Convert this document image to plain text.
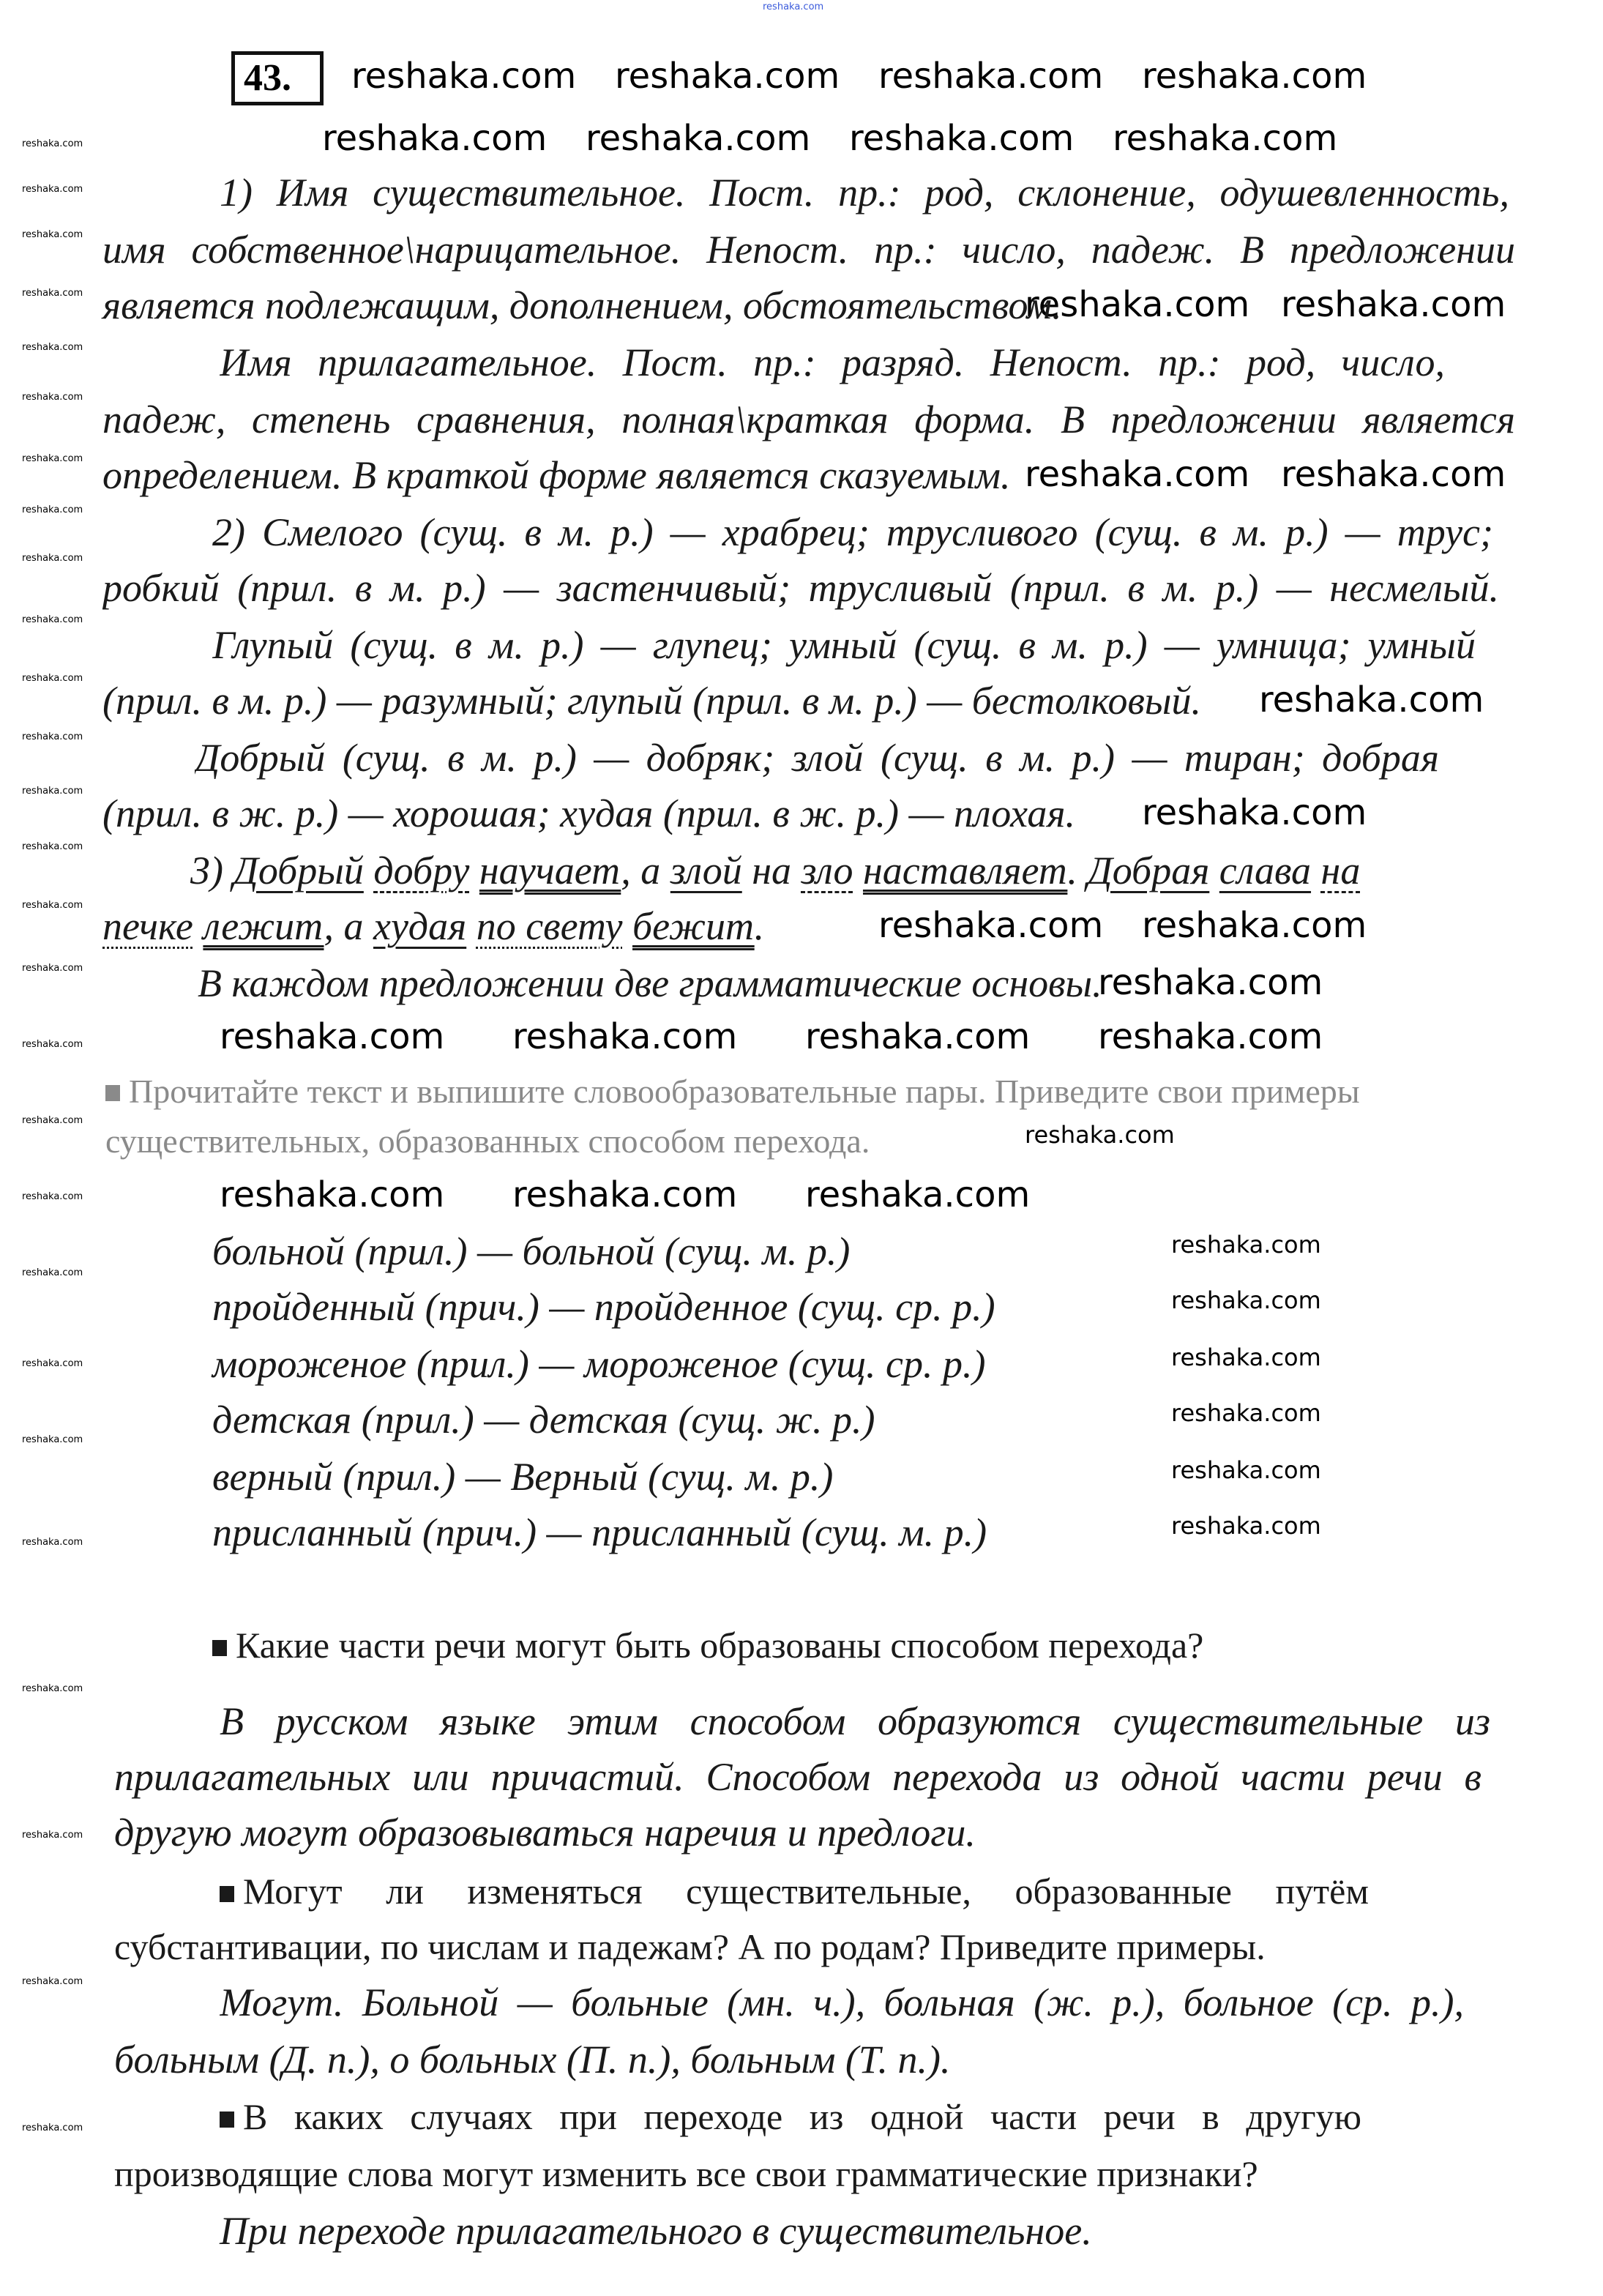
reshaka.com
43.	reshaka.com reshaka.com reshaka.com reshaka.com
reshaka.com reshaka.com reshaka.com reshaka.com
reshaka.com reshaka.com
reshaka.com reshaka.com
reshaka.com
reshaka.com
reshaka.com reshaka.com
reshaka.com
reshaka.com reshaka.com reshaka.com reshaka.com
reshaka.com reshaka.com reshaka.com
reshaka.com
reshaka.com
reshaka.com
reshaka.com
reshaka.com
reshaka.com
reshaka.com
reshaka.com
reshaka.com
reshaka.com
reshaka.com
reshaka.com
reshaka.com
reshaka.com
reshaka.com
reshaka.com
reshaka.com
reshaka.com
reshaka.com
reshaka.com
reshaka.com
reshaka.com
reshaka.com
reshaka.com
reshaka.com
reshaka.com
reshaka.com
reshaka.com
reshaka.com
reshaka.com
reshaka.com
reshaka.com
reshaka.com
reshaka.com
1) Имя существительное. Пост. пр.: род, склонение, одушевленность,
имя собственное\нарицательное. Непост. пр.: число, падеж. В предложении
является подлежащим, дополнением, обстоятельством.
Имя прилагательное. Пост. пр.: разряд. Непост. пр.: род, число,
падеж, степень сравнения, полная\краткая форма. В предложении является
определением. В краткой форме является сказуемым.
2) Смелого (сущ. в м. р.) — храбрец; трусливого (сущ. в м. р.) — трус;
робкий (прил. в м. р.) — застенчивый; трусливый (прил. в м. р.) — несмелый.
Глупый (сущ. в м. р.) — глупец; умный (сущ. в м. р.) — умница; умный
(прил. в м. р.) — разумный; глупый (прил. в м. р.) — бестолковый.
Добрый (сущ. в м. р.) — добряк; злой (сущ. в м. р.) — тиран; добрая
(прил. в ж. р.) — хорошая; худая (прил. в ж. р.) — плохая.
3) Добрый добру научает, а злой на зло наставляет. Добрая слава на
печке лежит, а худая по свету бежит.
В каждом предложении две грамматические основы.
Прочитайте текст и выпишите словообразовательные пары. Приведите свои примеры
существительных, образованных способом перехода.
больной (прил.) — больной (сущ. м. р.)
пройденный (прич.) — пройденное (сущ. ср. р.)
мороженое (прил.) — мороженое (сущ. ср. р.)
детская (прил.) — детская (сущ. ж. р.)
верный (прил.) — Верный (сущ. м. р.)
присланный (прич.) — присланный (сущ. м. р.)
Какие части речи могут быть образованы способом перехода?
В русском языке этим способом образуются существительные из
прилагательных или причастий. Способом перехода из одной части речи в
другую могут образовываться наречия и предлоги.
Могут ли изменяться существительные, образованные путём
субстантивации, по числам и падежам? А по родам? Приведите примеры.
Могут. Больной — больные (мн. ч.), больная (ж. р.), больное (ср. р.),
больным (Д. п.), о больных (П. п.), больным (Т. п.).
В каких случаях при переходе из одной части речи в другую
производящие слова могут изменить все свои грамматические признаки?
При переходе прилагательного в существительное.
